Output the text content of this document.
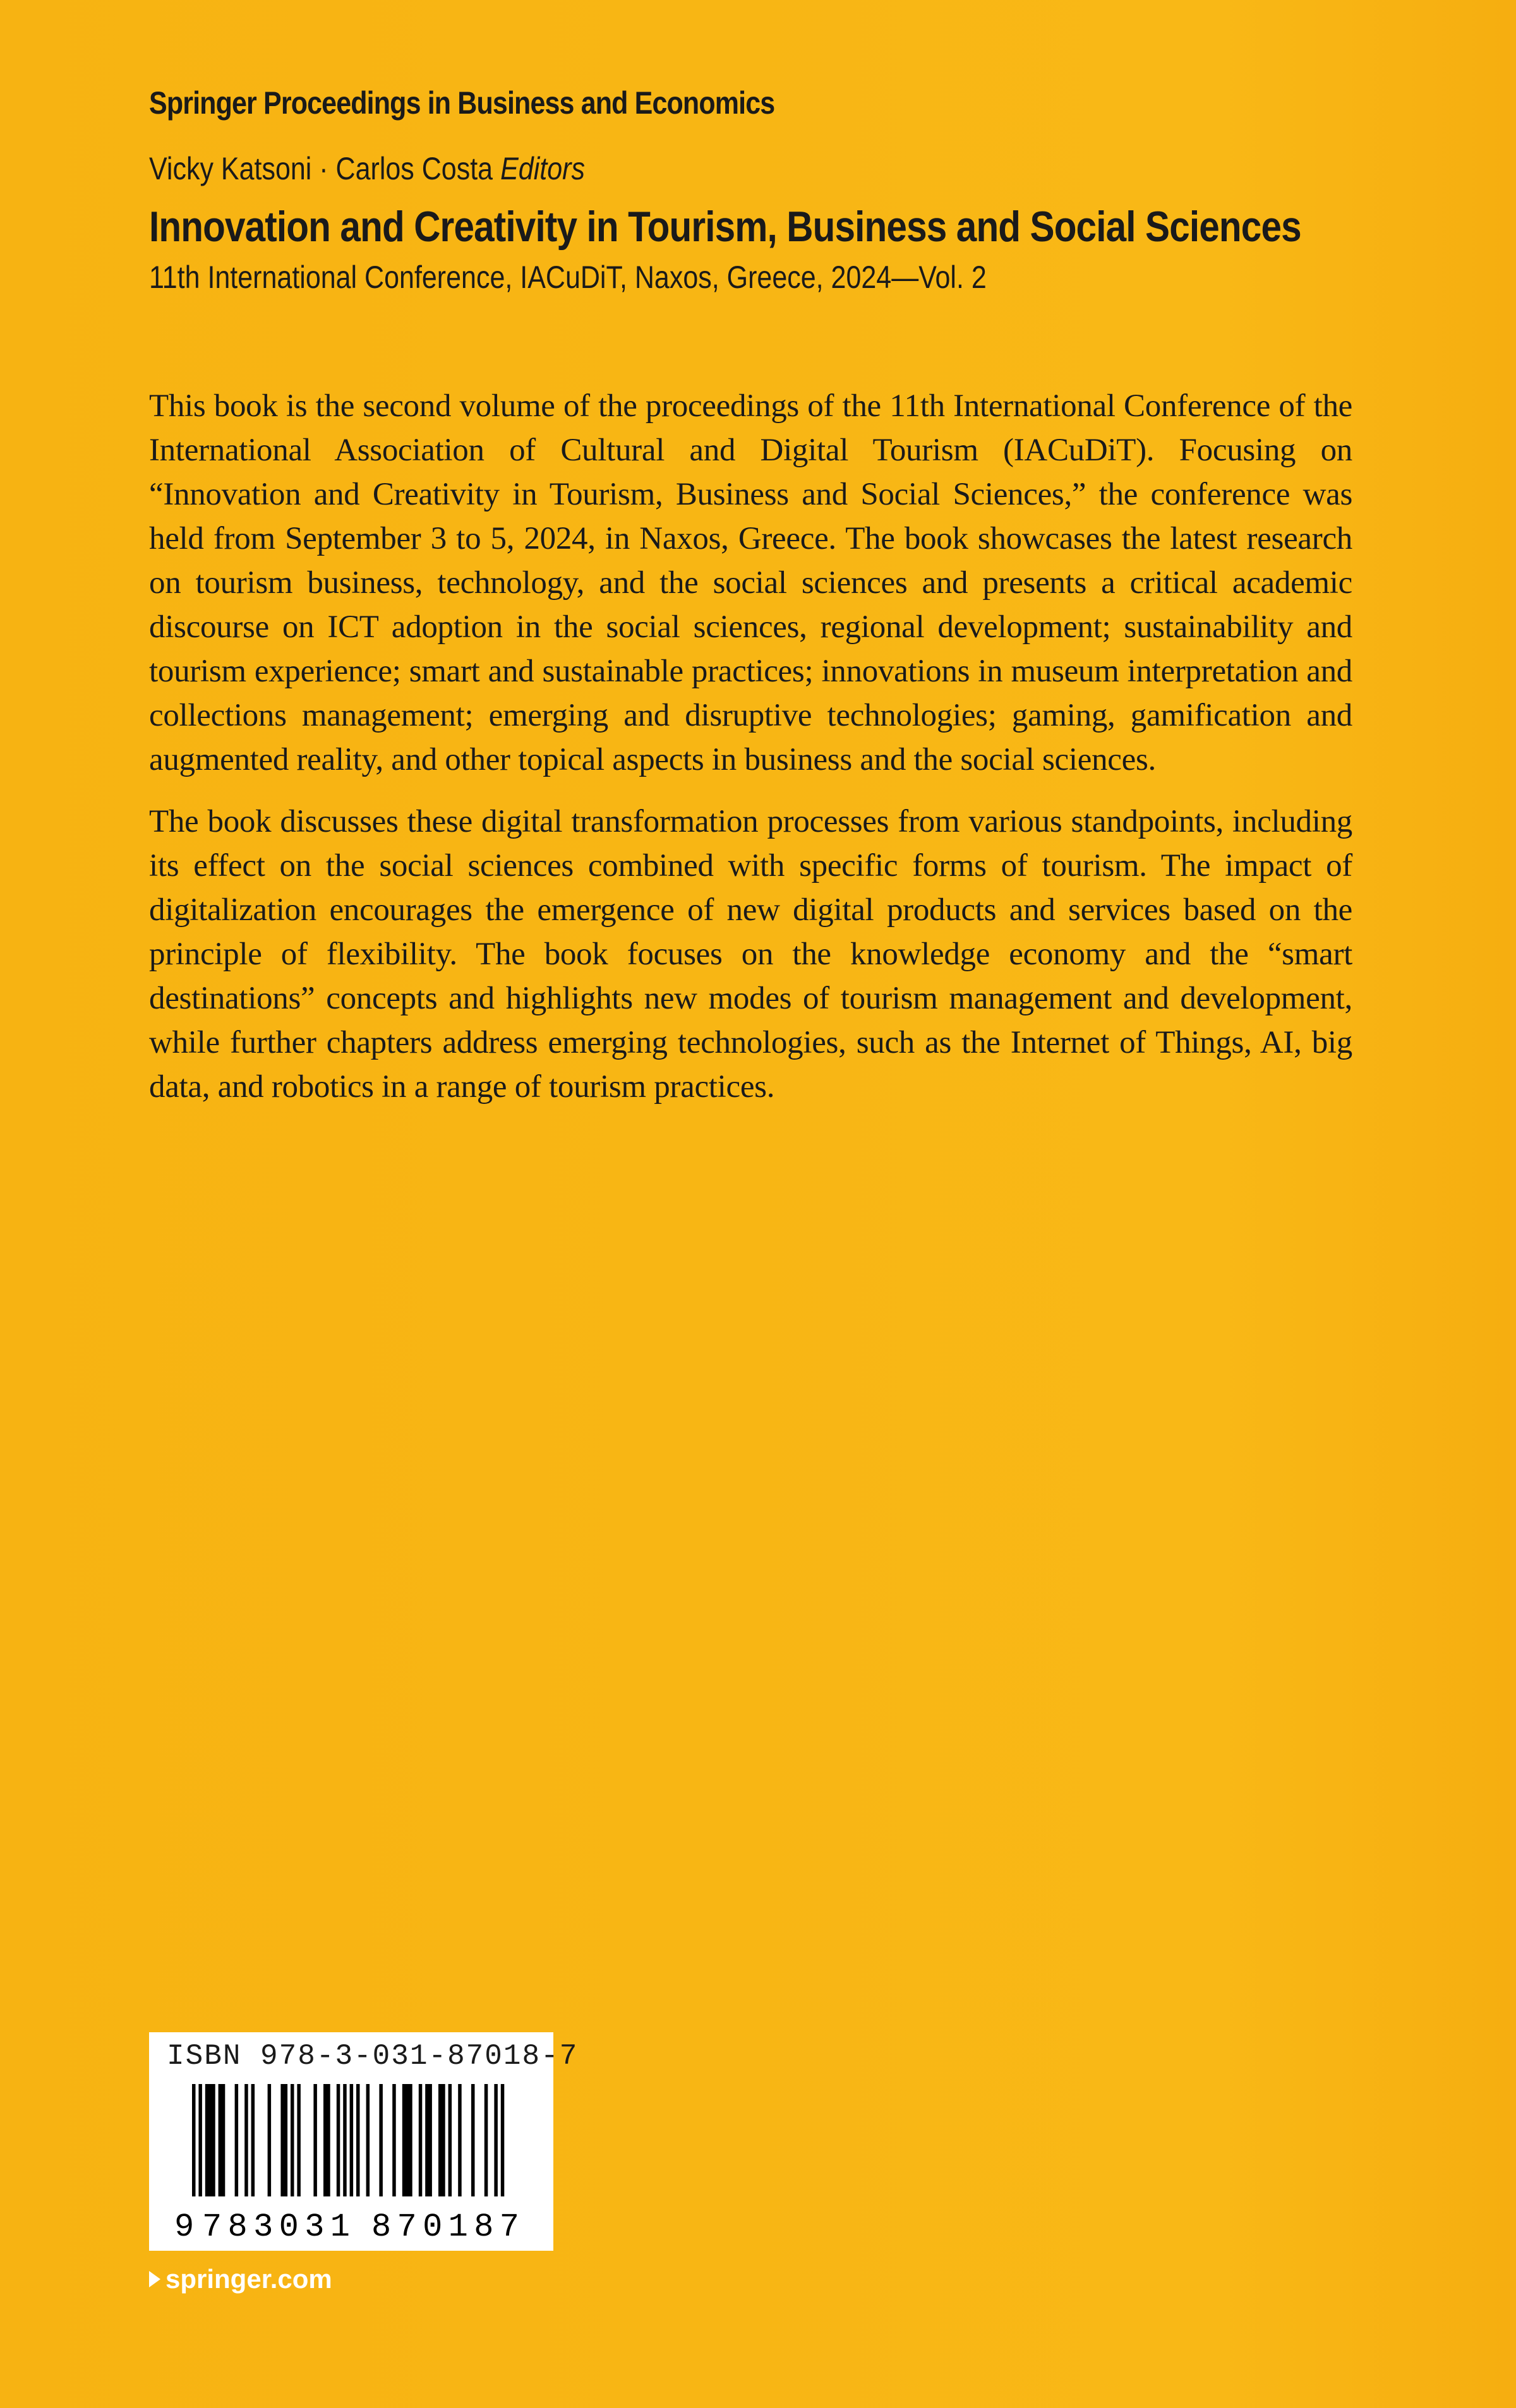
Springer Proceedings in Business and Economics
Vicky Katsoni · Carlos Costa Editors
Innovation and Creativity in Tourism, Business and Social Sciences
11th International Conference, IACuDiT, Naxos, Greece, 2024—Vol. 2

This book is the second volume of the proceedings of the 11th International Conference of the International Association of Cultural and Digital Tourism (IACuDiT). Focusing on “Innovation and Creativity in Tourism, Business and Social Sciences,” the conference was held from September 3 to 5, 2024, in Naxos, Greece. The book showcases the latest research on tourism business, technology, and the social sciences and presents a critical academic discourse on ICT adoption in the social sciences, regional development; sustainability and tourism experience; smart and sustainable practices; innovations in museum interpretation and collections management; emerging and disruptive technologies; gaming, gamification and augmented reality, and other topical aspects in business and the social sciences.

The book discusses these digital transformation processes from various standpoints, including its effect on the social sciences combined with specific forms of tourism. The impact of digitalization encourages the emergence of new digital products and services based on the principle of flexibility. The book focuses on the knowledge economy and the “smart destinations” concepts and highlights new modes of tourism management and development, while further chapters address emerging technologies, such as the Internet of Things, AI, big data, and robotics in a range of tourism practices.

ISBN 978-3-031-87018-7
9 783031 870187
springer.com
